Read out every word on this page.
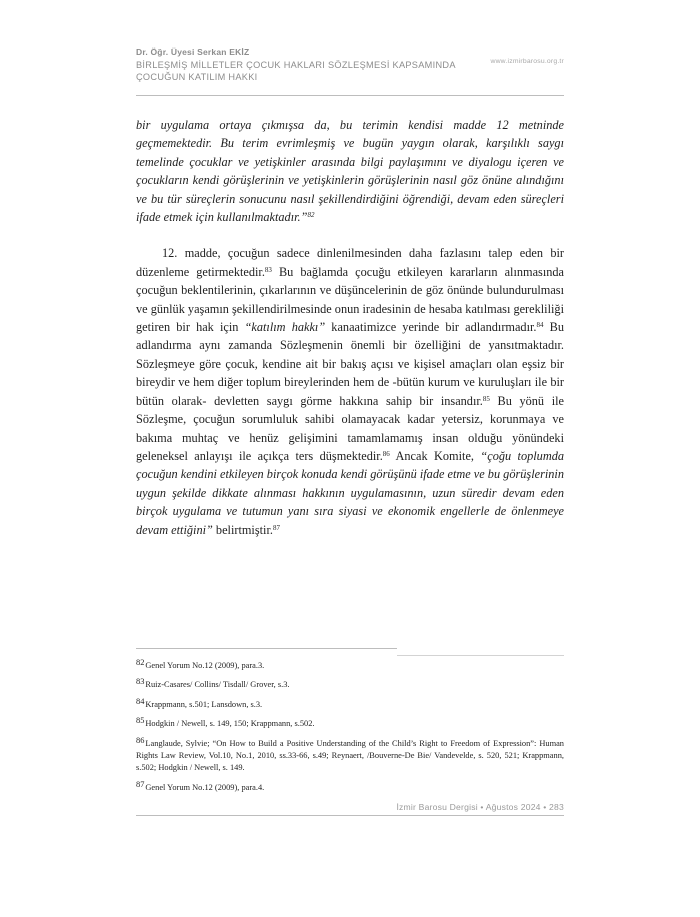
Dr. Öğr. Üyesi Serkan EKİZ
BİRLEŞMİŞ MİLLETLER ÇOCUK HAKLARI SÖZLEŞMESİ KAPSAMINDA
ÇOCUĞUN KATILIM HAKKI
www.izmirbarosu.org.tr

bir uygulama ortaya çıkmışsa da, bu terimin kendisi madde 12 metninde geçmemektedir. Bu terim evrimleşmiş ve bugün yaygın olarak, karşılıklı saygı temelinde çocuklar ve yetişkinler arasında bilgi paylaşımını ve diyalogu içeren ve çocukların kendi görüşlerinin ve yetişkinlerin görüşlerinin nasıl göz önüne alındığını ve bu tür süreçlerin sonucunu nasıl şekillendirdiğini öğrendiği, devam eden süreçleri ifade etmek için kullanılmaktadır.”$^{82}$

12. madde, çocuğun sadece dinlenilmesinden daha fazlasını talep eden bir düzenleme getirmektedir.$^{83}$ Bu bağlamda çocuğu etkileyen kararların alınmasında çocuğun beklentilerinin, çıkarlarının ve düşüncelerinin de göz önünde bulundurulması ve günlük yaşamın şekillendirilmesinde onun iradesinin de hesaba katılması gerekliliği getiren bir hak için “katılım hakkı” kanaatimizce yerinde bir adlandırmadır.$^{84}$ Bu adlandırma aynı zamanda Sözleşmenin önemli bir özelliğini de yansıtmaktadır. Sözleşmeye göre çocuk, kendine ait bir bakış açısı ve kişisel amaçları olan eşsiz bir bireydir ve hem diğer toplum bireylerinden hem de -bütün kurum ve kuruluşları ile bir bütün olarak- devletten saygı görme hakkına sahip bir insandır.$^{85}$ Bu yönü ile Sözleşme, çocuğun sorumluluk sahibi olamayacak kadar yetersiz, korunmaya ve bakıma muhtaç ve henüz gelişimini tamamlamamış insan olduğu yönündeki geleneksel anlayışı ile açıkça ters düşmektedir.$^{86}$ Ancak Komite, “çoğu toplumda çocuğun kendini etkileyen birçok konuda kendi görüşünü ifade etme ve bu görüşlerinin uygun şekilde dikkate alınması hakkının uygulamasının, uzun süredir devam eden birçok uygulama ve tutumun yanı sıra siyasi ve ekonomik engellerle de önlenmeye devam ettiğini” belirtmiştir.$^{87}$

82Genel Yorum No.12 (2009), para.3.

83Ruiz-Casares/ Collins/ Tisdall/ Grover, s.3.

84Krappmann, s.501; Lansdown, s.3.

85Hodgkin / Newell, s. 149, 150; Krappmann, s.502.

86Langlaude, Sylvie; “On How to Build a Positive Understanding of the Child’s Right to Freedom of Expression”: Human Rights Law Review, Vol.10, No.1, 2010, ss.33-66, s.49; Reynaert, /Bouverne-De Bie/ Vandevelde, s. 520, 521; Krappmann, s.502; Hodgkin / Newell, s. 149.

87Genel Yorum No.12 (2009), para.4.

İzmir Barosu Dergisi • Ağustos 2024 • 283
